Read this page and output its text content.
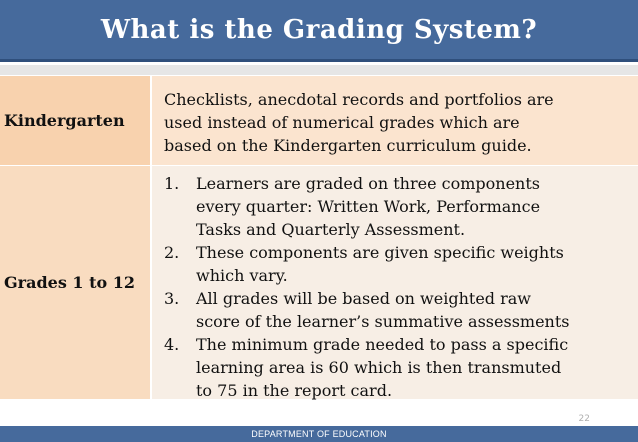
What is the Grading System?
Kindergarten
Checklists, anecdotal records and portfolios are
used instead of numerical grades which are
based on the Kindergarten curriculum guide.
Grades 1 to 12
1.	Learners are graded on three components
every quarter: Written Work, Performance
Tasks and Quarterly Assessment.
2.	These components are given specific weights
which vary.
3.	All grades will be based on weighted raw
score of the learner’s summative assessments
4.	The minimum grade needed to pass a specific
learning area is 60 which is then transmuted
to 75 in the report card.
22
DEPARTMENT OF EDUCATION
